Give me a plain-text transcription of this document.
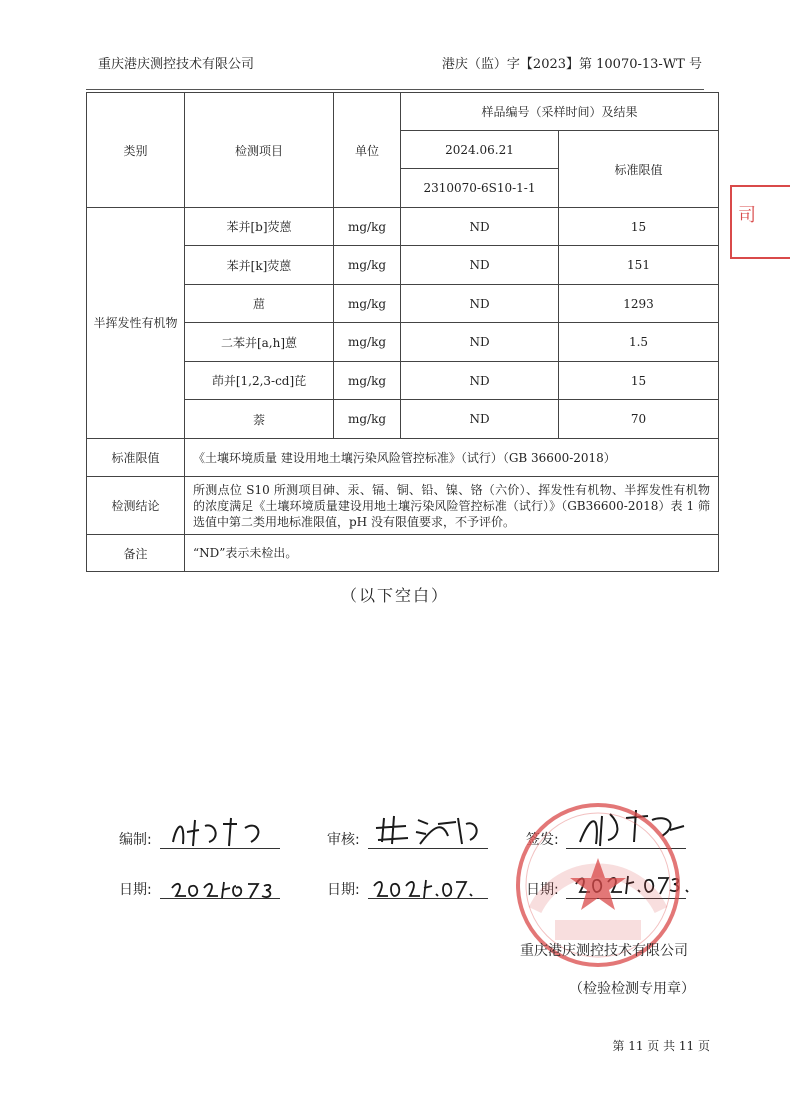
重庆港庆测控技术有限公司	港庆（监）字【2023】第 10070-13-WT 号
司
类别	检测项目	单位	样品编号（采样时间）及结果	
			2024.06.21	标准限值
			2310070-6S10-1-1	
半挥发性有机物	苯并[b]荧蒽	mg/kg	ND	15
	苯并[k]荧蒽	mg/kg	ND	151
	䓛	mg/kg	ND	1293
	二苯并[a,h]蒽	mg/kg	ND	1.5
	茚并[1,2,3-cd]芘	mg/kg	ND	15
	萘	mg/kg	ND	70
标准限值	《土壤环境质量 建设用地土壤污染风险管控标准》（试行）（GB 36600-2018）			
检测结论	所测点位 S10 所测项目砷、汞、镉、铜、铅、镍、铬（六价）、挥发性有机物、半挥发性有机物的浓度满足《土壤环境质量建设用地土壤污染风险管控标准（试行）》（GB36600-2018）表 1 筛选值中第二类用地标准限值，pH 没有限值要求，不予评价。			
备注	“ND”表示未检出。			
（以下空白）
编制:	审核:	签发:
日期:	日期:	日期:
重庆港庆测控技术有限公司
（检验检测专用章）
第 11 页 共 11 页
